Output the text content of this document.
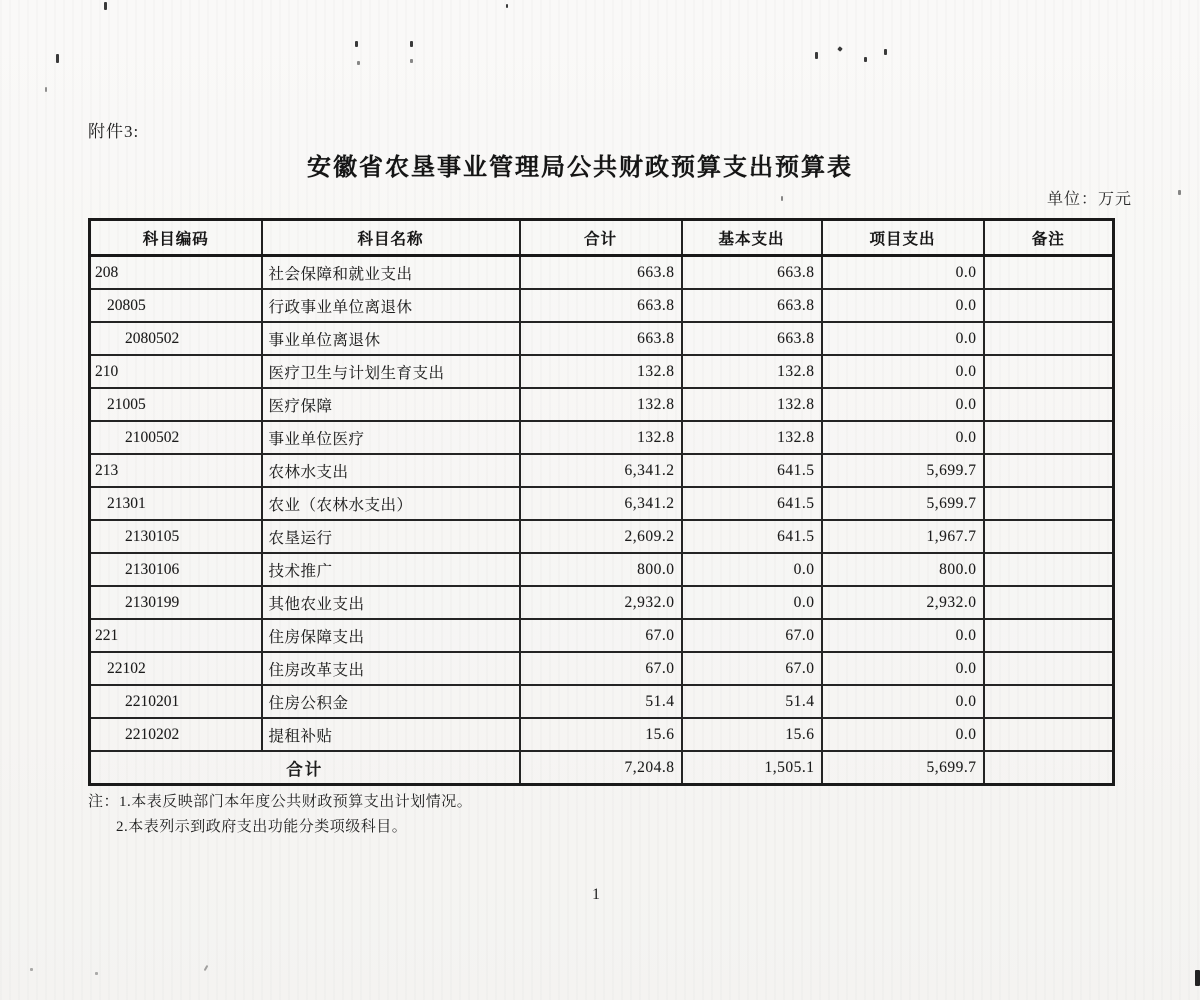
附件3:
安徽省农垦事业管理局公共财政预算支出预算表
单位：万元
科目编码	科目名称	合计	基本支出	项目支出	备注
208	社会保障和就业支出	663.8	663.8	0.0	
20805	行政事业单位离退休	663.8	663.8	0.0	
2080502	事业单位离退休	663.8	663.8	0.0	
210	医疗卫生与计划生育支出	132.8	132.8	0.0	
21005	医疗保障	132.8	132.8	0.0	
2100502	事业单位医疗	132.8	132.8	0.0	
213	农林水支出	6,341.2	641.5	5,699.7	
21301	农业（农林水支出）	6,341.2	641.5	5,699.7	
2130105	农垦运行	2,609.2	641.5	1,967.7	
2130106	技术推广	800.0	0.0	800.0	
2130199	其他农业支出	2,932.0	0.0	2,932.0	
221	住房保障支出	67.0	67.0	0.0	
22102	住房改革支出	67.0	67.0	0.0	
2210201	住房公积金	51.4	51.4	0.0	
2210202	提租补贴	15.6	15.6	0.0	
合计		7,204.8	1,505.1	5,699.7	
注：1.本表反映部门本年度公共财政预算支出计划情况。
2.本表列示到政府支出功能分类项级科目。
1
